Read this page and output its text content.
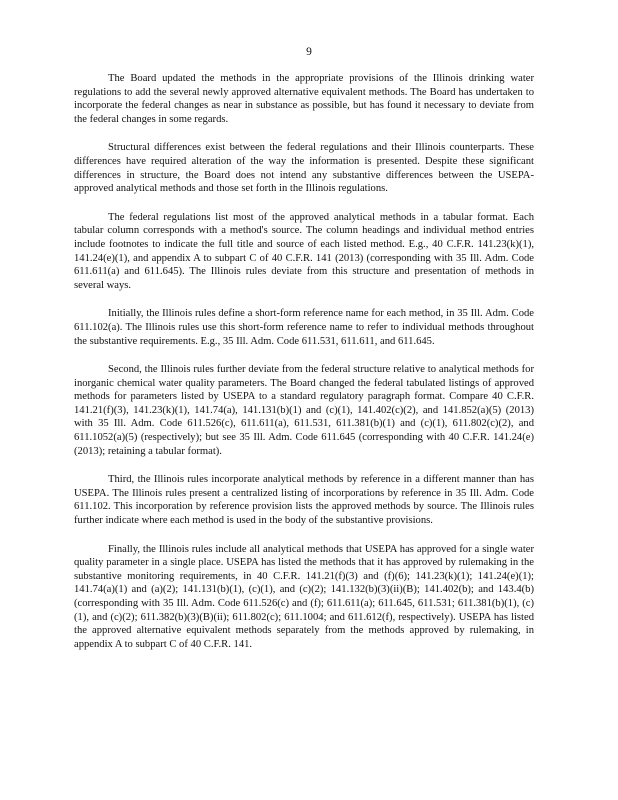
9

The Board updated the methods in the appropriate provisions of the Illinois drinking water regulations to add the several newly approved alternative equivalent methods. The Board has undertaken to incorporate the federal changes as near in substance as possible, but has found it necessary to deviate from the federal changes in some regards.

Structural differences exist between the federal regulations and their Illinois counterparts. These differences have required alteration of the way the information is presented. Despite these significant differences in structure, the Board does not intend any substantive differences between the USEPA-approved analytical methods and those set forth in the Illinois regulations.

The federal regulations list most of the approved analytical methods in a tabular format. Each tabular column corresponds with a method's source. The column headings and individual method entries include footnotes to indicate the full title and source of each listed method. E.g., 40 C.F.R. 141.23(k)(1), 141.24(e)(1), and appendix A to subpart C of 40 C.F.R. 141 (2013) (corresponding with 35 Ill. Adm. Code 611.611(a) and 611.645). The Illinois rules deviate from this structure and presentation of methods in several ways.

Initially, the Illinois rules define a short-form reference name for each method, in 35 Ill. Adm. Code 611.102(a). The Illinois rules use this short-form reference name to refer to individual methods throughout the substantive requirements. E.g., 35 Ill. Adm. Code 611.531, 611.611, and 611.645.

Second, the Illinois rules further deviate from the federal structure relative to analytical methods for inorganic chemical water quality parameters. The Board changed the federal tabulated listings of approved methods for parameters listed by USEPA to a standard regulatory paragraph format. Compare 40 C.F.R. 141.21(f)(3), 141.23(k)(1), 141.74(a), 141.131(b)(1) and (c)(1), 141.402(c)(2), and 141.852(a)(5) (2013) with 35 Ill. Adm. Code 611.526(c), 611.611(a), 611.531, 611.381(b)(1) and (c)(1), 611.802(c)(2), and 611.1052(a)(5) (respectively); but see 35 Ill. Adm. Code 611.645 (corresponding with 40 C.F.R. 141.24(e) (2013); retaining a tabular format).

Third, the Illinois rules incorporate analytical methods by reference in a different manner than has USEPA. The Illinois rules present a centralized listing of incorporations by reference in 35 Ill. Adm. Code 611.102. This incorporation by reference provision lists the approved methods by source. The Illinois rules further indicate where each method is used in the body of the substantive provisions.

Finally, the Illinois rules include all analytical methods that USEPA has approved for a single water quality parameter in a single place. USEPA has listed the methods that it has approved by rulemaking in the substantive monitoring requirements, in 40 C.F.R. 141.21(f)(3) and (f)(6); 141.23(k)(1); 141.24(e)(1); 141.74(a)(1) and (a)(2); 141.131(b)(1), (c)(1), and (c)(2); 141.132(b)(3)(ii)(B); 141.402(b); and 143.4(b) (corresponding with 35 Ill. Adm. Code 611.526(c) and (f); 611.611(a); 611.645, 611.531; 611.381(b)(1), (c)(1), and (c)(2); 611.382(b)(3)(B)(ii); 611.802(c); 611.1004; and 611.612(f), respectively). USEPA has listed the approved alternative equivalent methods separately from the methods approved by rulemaking, in appendix A to subpart C of 40 C.F.R. 141.
